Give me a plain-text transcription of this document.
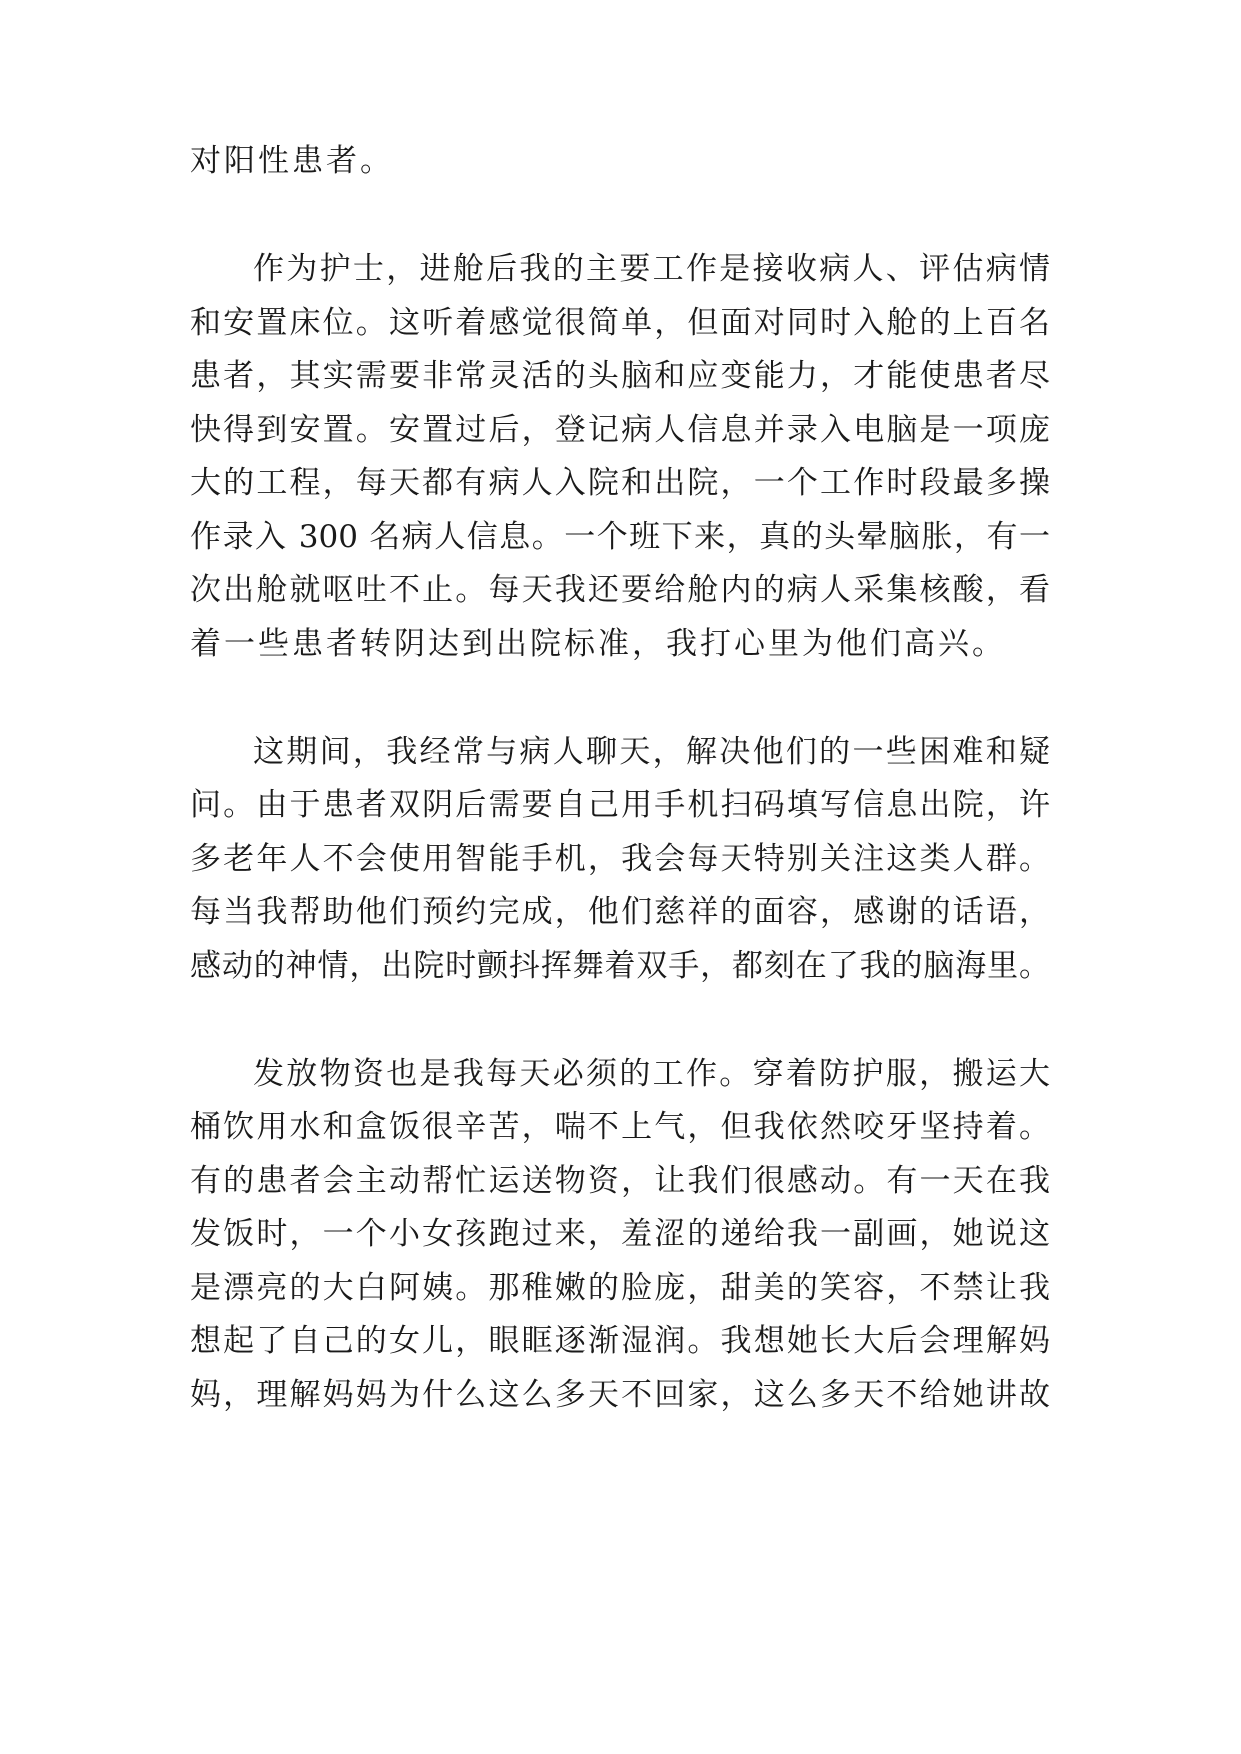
对阳性患者。
作为护士，进舱后我的主要工作是接收病人、评估病情
和安置床位。这听着感觉很简单，但面对同时入舱的上百名
患者，其实需要非常灵活的头脑和应变能力，才能使患者尽
快得到安置。安置过后，登记病人信息并录入电脑是一项庞
大的工程，每天都有病人入院和出院，一个工作时段最多操
作录入 300 名病人信息。一个班下来，真的头晕脑胀，有一
次出舱就呕吐不止。每天我还要给舱内的病人采集核酸，看
着一些患者转阴达到出院标准，我打心里为他们高兴。
这期间，我经常与病人聊天，解决他们的一些困难和疑
问。由于患者双阴后需要自己用手机扫码填写信息出院，许
多老年人不会使用智能手机，我会每天特别关注这类人群。
每当我帮助他们预约完成，他们慈祥的面容，感谢的话语，
感动的神情，出院时颤抖挥舞着双手，都刻在了我的脑海里。
发放物资也是我每天必须的工作。穿着防护服，搬运大
桶饮用水和盒饭很辛苦，喘不上气，但我依然咬牙坚持着。
有的患者会主动帮忙运送物资，让我们很感动。有一天在我
发饭时，一个小女孩跑过来，羞涩的递给我一副画，她说这
是漂亮的大白阿姨。那稚嫩的脸庞，甜美的笑容，不禁让我
想起了自己的女儿，眼眶逐渐湿润。我想她长大后会理解妈
妈，理解妈妈为什么这么多天不回家，这么多天不给她讲故
